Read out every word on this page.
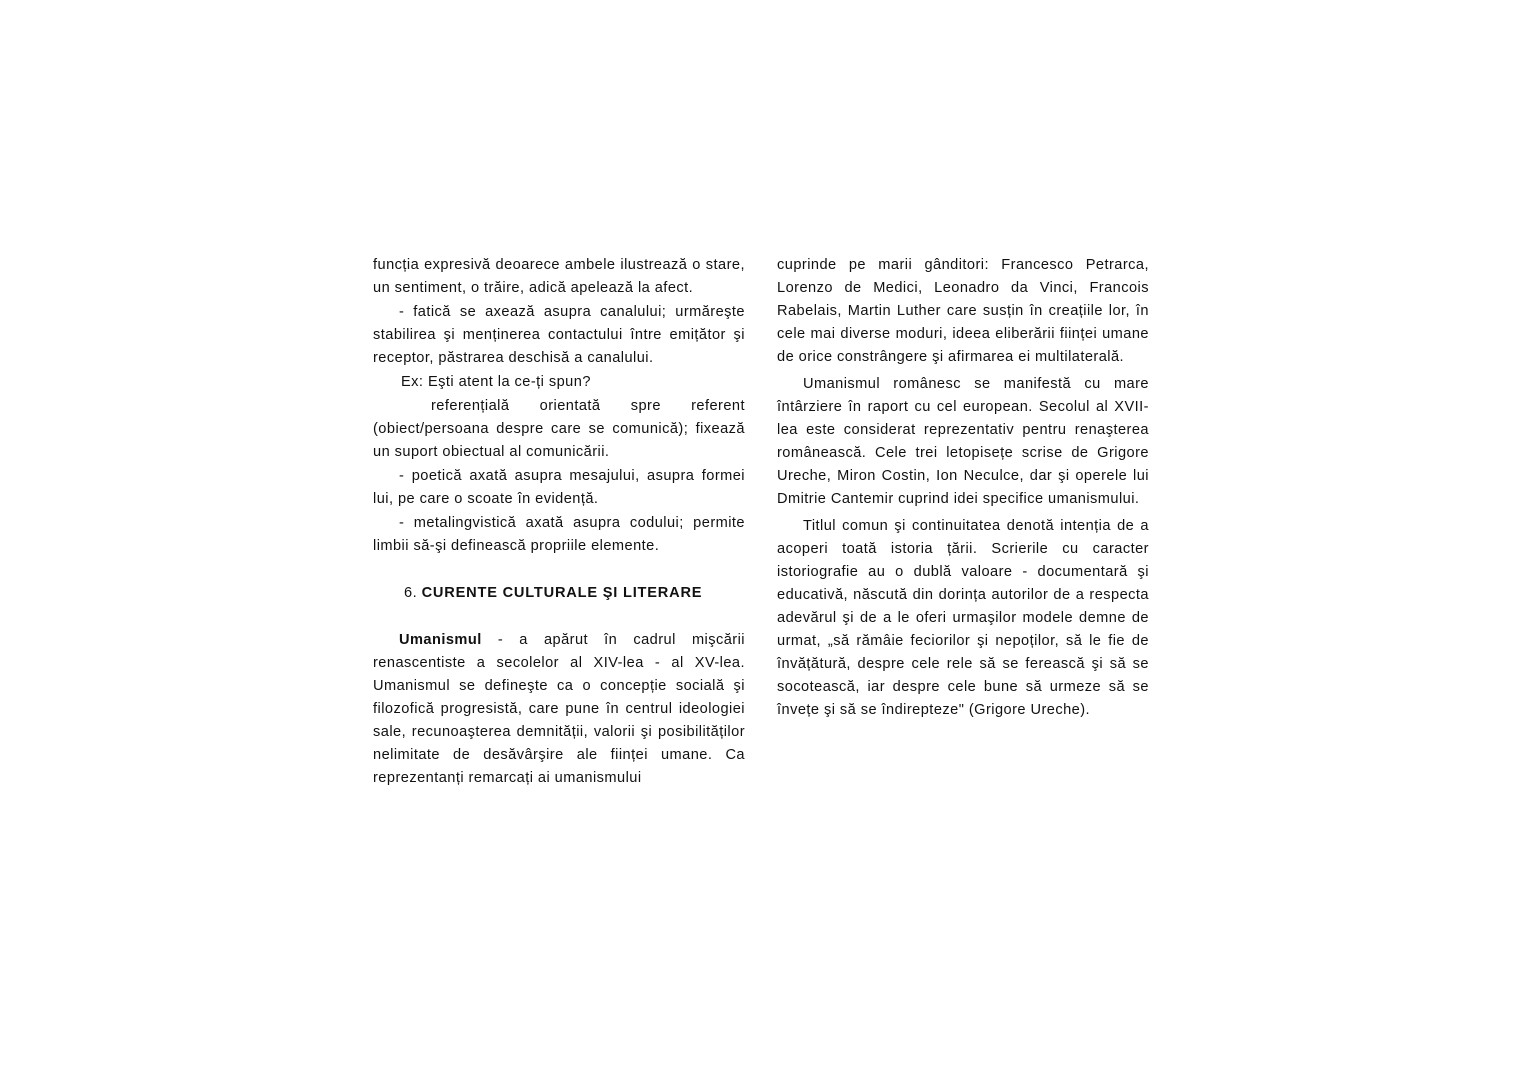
funcția expresivă deoarece ambele ilustrează o stare, un sentiment, o trăire, adică apelează la afect.

- fatică se axează asupra canalului; urmăreşte stabilirea şi menținerea contactului între emițător şi receptor, păstrarea deschisă a canalului.

Ex: Eşti atent la ce-ți spun?

referențială orientată spre referent (obiect/persoana despre care se comunică); fixează un suport obiectual al comunicării.

- poetică axată asupra mesajului, asupra formei lui, pe care o scoate în evidență.

- metalingvistică axată asupra codului; permite limbii să-şi definească propriile elemente.

6. CURENTE CULTURALE ŞI LITERARE

Umanismul - a apărut în cadrul mişcării renascentiste a secolelor al XIV-lea - al XV-lea. Umanismul se defineşte ca o concepție socială şi filozofică progresistă, care pune în centrul ideologiei sale, recunoaşterea demnității, valorii şi posibilităților nelimitate de desăvârşire ale ființei umane. Ca reprezentanți remarcați ai umanismului

cuprinde pe marii gânditori: Francesco Petrarca, Lorenzo de Medici, Leonadro da Vinci, Francois Rabelais, Martin Luther care susțin în creațiile lor, în cele mai diverse moduri, ideea eliberării ființei umane de orice constrângere şi afirmarea ei multilaterală.

Umanismul românesc se manifestă cu mare întârziere în raport cu cel european. Secolul al XVII-lea este considerat reprezentativ pentru renaşterea românească. Cele trei letopisețe scrise de Grigore Ureche, Miron Costin, Ion Neculce, dar şi operele lui Dmitrie Cantemir cuprind idei specifice umanismului.

Titlul comun şi continuitatea denotă intenția de a acoperi toată istoria țării. Scrierile cu caracter istoriografie au o dublă valoare - documentară şi educativă, născută din dorința autorilor de a respecta adevărul şi de a le oferi urmaşilor modele demne de urmat, „să rămâie feciorilor şi nepoților, să le fie de învățătură, despre cele rele să se ferească şi să se socotească, iar despre cele bune să urmeze să se învețe şi să se îndirepteze" (Grigore Ureche).
